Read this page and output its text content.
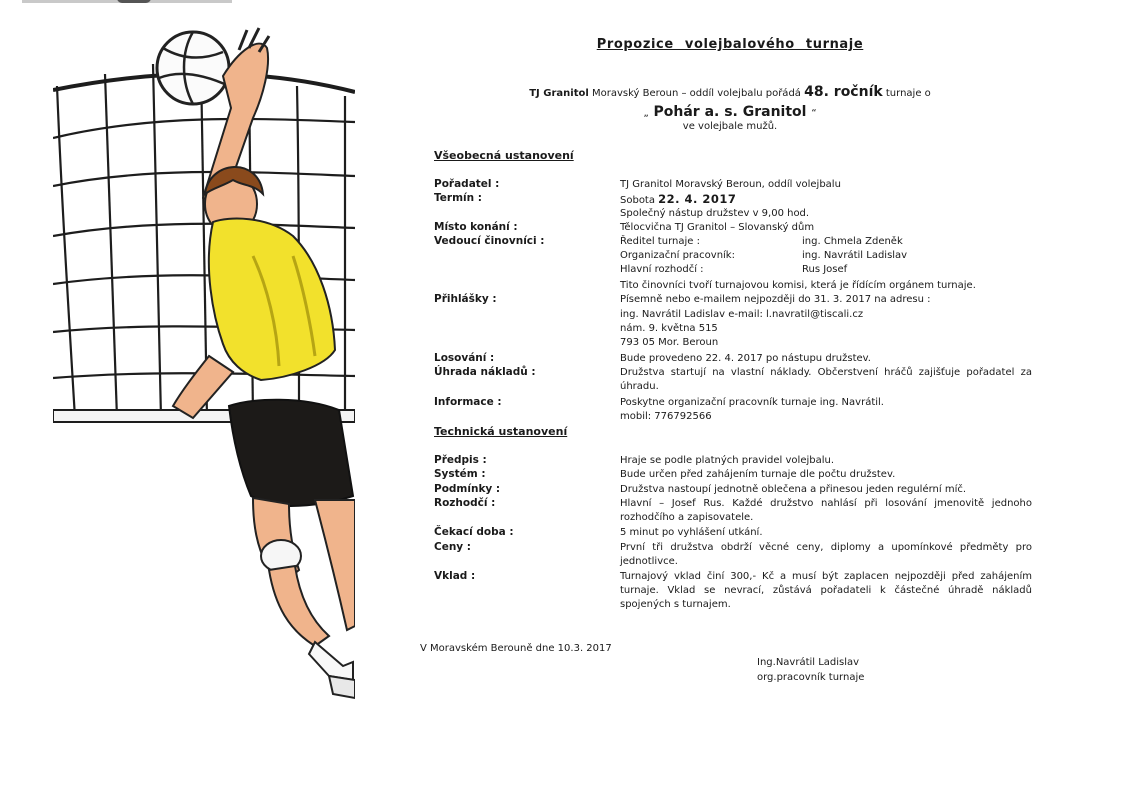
Propozice volejbalového turnaje
TJ Granitol Moravský Beroun – oddíl volejbalu pořádá 48. ročník turnaje o
„ Pohár a. s. Granitol “
ve volejbale mužů.
Všeobecná ustanovení
Pořadatel :	TJ Granitol Moravský Beroun, oddíl volejbalu
Termín :	Sobota 22. 4. 2017
Společný nástup družstev v 9,00 hod.
Místo konání :	Tělocvična TJ Granitol – Slovanský dům
Vedoucí činovníci :	Ředitel turnaje :	ing. Chmela Zdeněk
Organizační pracovník:	ing. Navrátil Ladislav
Hlavní rozhodčí :	Rus Josef
Tito činovníci tvoří turnajovou komisi, která je řídícím orgánem turnaje.
Přihlášky :	Písemně nebo e-mailem nejpozději do 31. 3. 2017 na adresu :
ing. Navrátil Ladislav e-mail: l.navratil@tiscali.cz
nám. 9. května 515
793 05 Mor. Beroun
Losování :	Bude provedeno 22. 4. 2017 po nástupu družstev.
Úhrada nákladů :	Družstva startují na vlastní náklady. Občerstvení hráčů zajišťuje pořadatel za úhradu.
Informace :	Poskytne organizační pracovník turnaje ing. Navrátil.
mobil: 776792566
Technická ustanovení
Předpis :	Hraje se podle platných pravidel volejbalu.
Systém :	Bude určen před zahájením turnaje dle počtu družstev.
Podmínky :	Družstva nastoupí jednotně oblečena a přinesou jeden regulérní míč.
Rozhodčí :	Hlavní – Josef Rus. Každé družstvo nahlásí při losování jmenovitě jednoho rozhodčího a zapisovatele.
Čekací doba :	5 minut po vyhlášení utkání.
Ceny :	První tři družstva obdrží věcné ceny, diplomy a upomínkové předměty pro jednotlivce.
Vklad :	Turnajový vklad činí 300,- Kč a musí být zaplacen nejpozději před zahájením turnaje. Vklad se nevrací, zůstává pořadateli k částečné úhradě nákladů spojených s turnajem.
V Moravském Berouně dne 10.3. 2017
Ing.Navrátil Ladislav
org.pracovník turnaje
